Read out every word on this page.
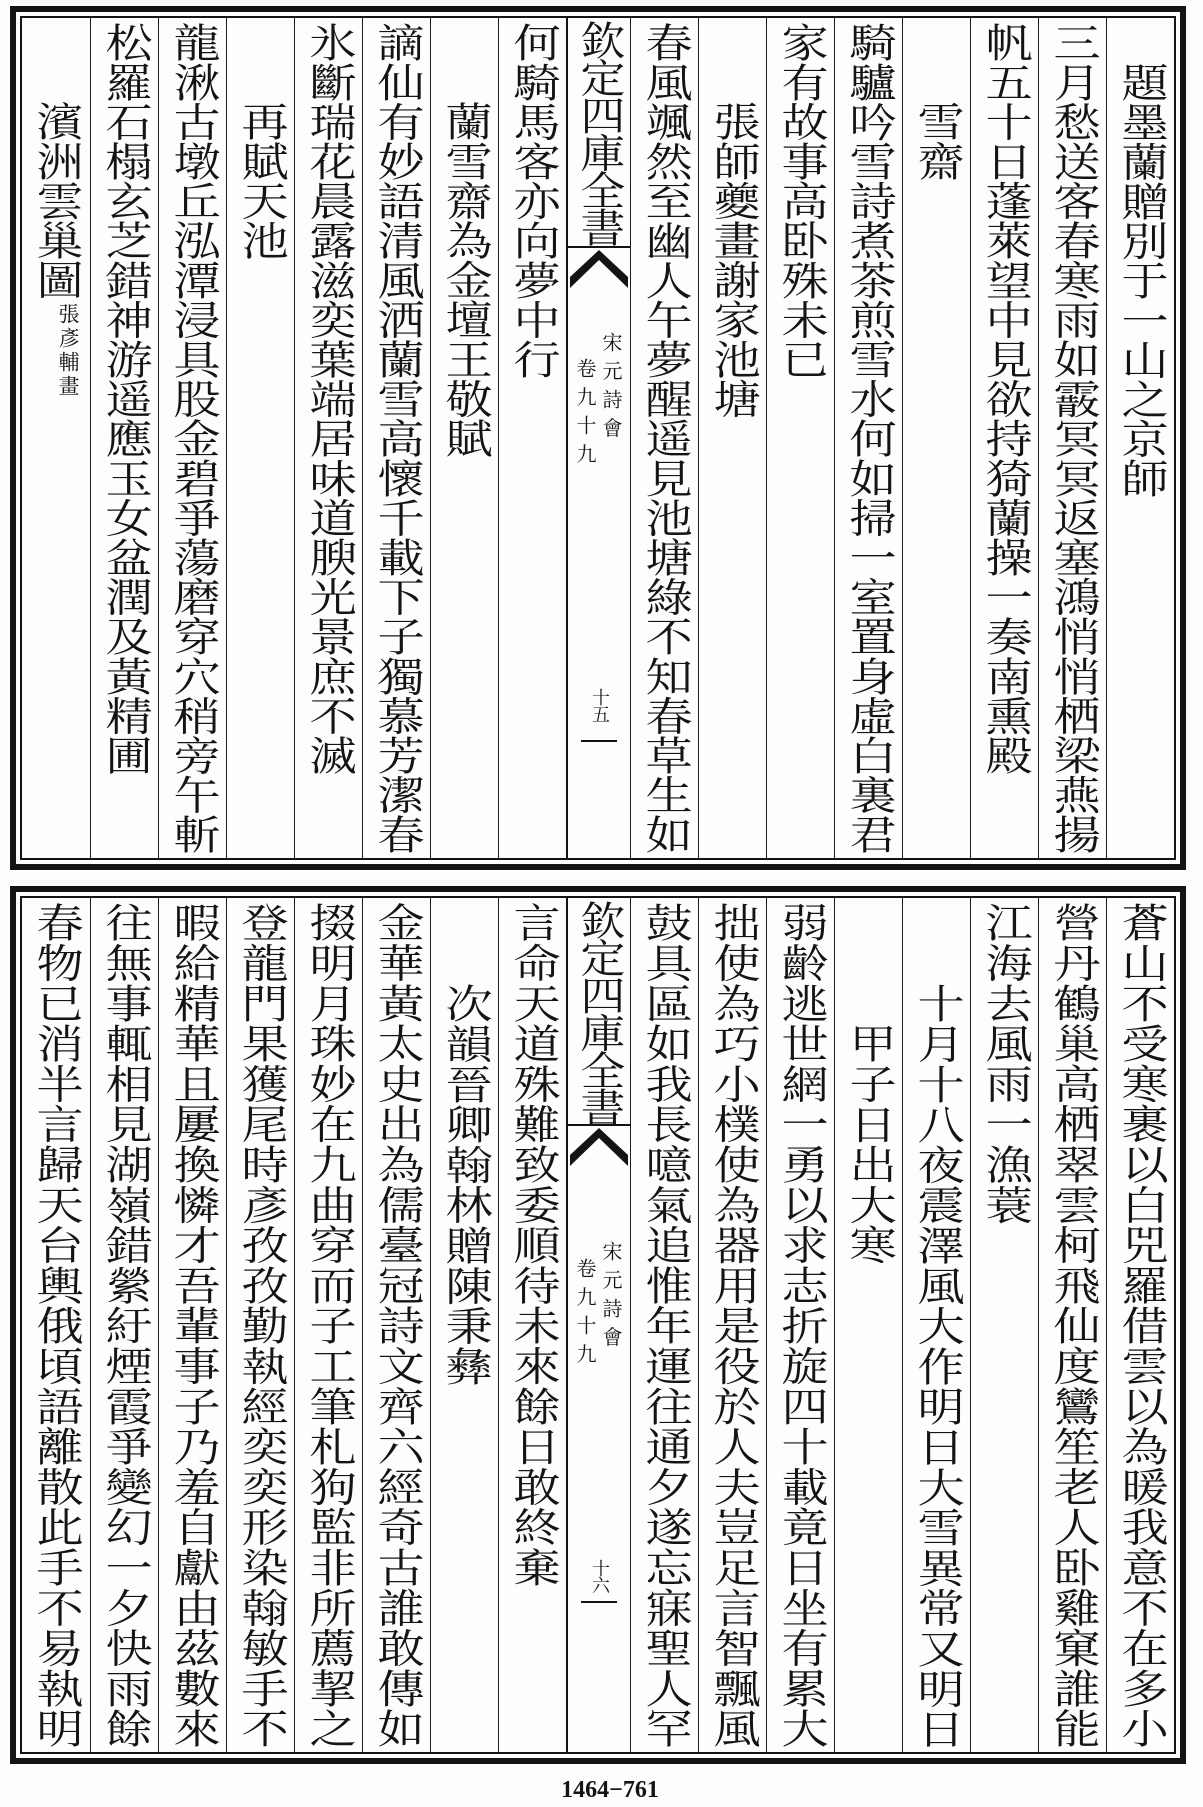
題墨蘭贈別于一山之京師
三月愁送客春寒雨如霰冥冥返塞鴻悄悄栖梁燕揚
帆五十日蓬萊望中見欲持猗蘭操一奏南熏殿
雪齋
騎驢吟雪詩煮茶煎雪水何如掃一室置身虛白裏君
家有故事高卧殊未已
張師夔畫謝家池塘
春風颯然至幽人午夢醒遥見池塘綠不知春草生如
欽定四庫全書
宋元詩會
卷九十九
十五
何騎馬客亦向夢中行
蘭雪齋為金壇王敬賦
謫仙有妙語清風洒蘭雪高懷千載下子獨慕芳潔春
氷斷瑞花晨露滋奕葉端居味道腴光景庶不滅
再賦天池
龍湫古墩丘泓潭浸具股金碧爭蕩磨穿穴稍旁午斬
松羅石榻玄芝錯神游遥應玉女盆潤及黃精圃
濱洲雲巢圖
張彥輔畫
蒼山不受寒裹以白兕羅借雲以為暖我意不在多小
營丹鶴巢高栖翠雲柯飛仙度鸞笙老人卧雞窠誰能
江海去風雨一漁蓑
十月十八夜震澤風大作明日大雪異常又明日
甲子日出大寒
弱齡逃世網一勇以求志折旋四十載竟日坐有累大
拙使為巧小樸使為器用是役於人夫豈足言智飄風
鼓具區如我長噫氣追惟年運往通夕遂忘寐聖人罕
欽定四庫全書
宋元詩會
卷九十九
十六
言命天道殊難致委順待未來餘日敢終棄
次韻晉卿翰林贈陳秉彝
金華黃太史出為儒臺冠詩文齊六經奇古誰敢傳如
掇明月珠妙在九曲穿而子工筆札狗監非所薦挈之
登龍門果獲尾時彥孜孜勤執經奕奕形染翰敏手不
暇給精華且屢換憐才吾輩事子乃羞自獻由茲數來
往無事輒相見湖嶺錯縈紆煙霞爭變幻一夕快雨餘
春物已消半言歸天台輿俄頃語離散此手不易執明
1464−761
